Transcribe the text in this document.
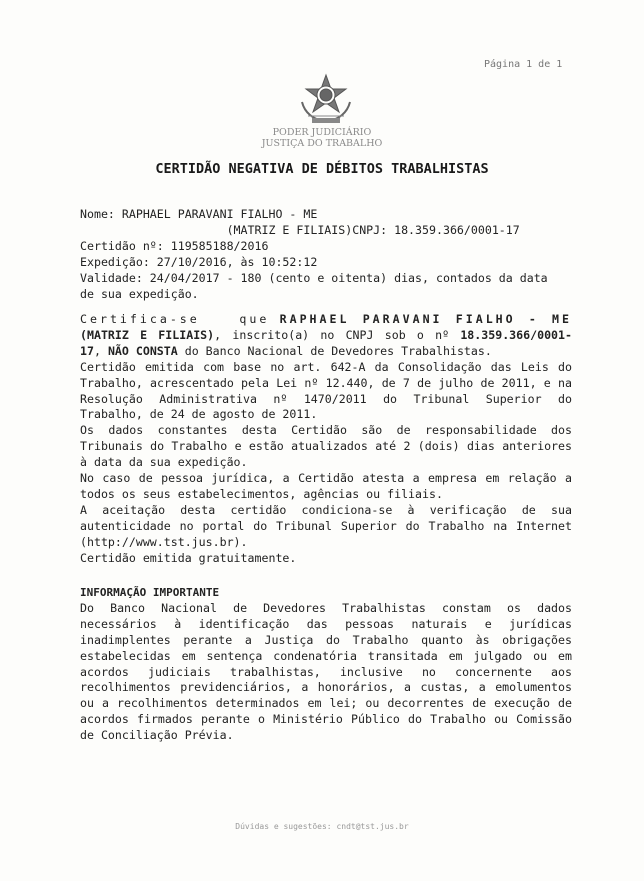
Página 1 de 1
PODER JUDICIÁRIO
JUSTIÇA DO TRABALHO
CERTIDÃO NEGATIVA DE DÉBITOS TRABALHISTAS
Nome: RAPHAEL PARAVANI FIALHO - ME
(MATRIZ E FILIAIS)CNPJ: 18.359.366/0001-17
Certidão nº: 119585188/2016
Expedição: 27/10/2016, às 10:52:12
Validade: 24/04/2017 - 180 (cento e oitenta) dias, contados da data
de sua expedição.

Certifica-se   que RAPHAEL PARAVANI FIALHO - ME (MATRIZ E FILIAIS), inscrito(a) no CNPJ sob o nº 18.359.366/0001-17, NÃO CONSTA do Banco Nacional de Devedores Trabalhistas.

Certidão emitida com base no art. 642-A da Consolidação das Leis do Trabalho, acrescentado pela Lei nº 12.440, de 7 de julho de 2011, e na Resolução Administrativa nº 1470/2011 do Tribunal Superior do Trabalho, de 24 de agosto de 2011.

Os dados constantes desta Certidão são de responsabilidade dos Tribunais do Trabalho e estão atualizados até 2 (dois) dias anteriores à data da sua expedição.

No caso de pessoa jurídica, a Certidão atesta a empresa em relação a todos os seus estabelecimentos, agências ou filiais.

A aceitação desta certidão condiciona-se à verificação de sua autenticidade no portal do Tribunal Superior do Trabalho na Internet (http://www.tst.jus.br).

Certidão emitida gratuitamente.

INFORMAÇÃO IMPORTANTE

Do Banco Nacional de Devedores Trabalhistas constam os dados necessários à identificação das pessoas naturais e jurídicas inadimplentes perante a Justiça do Trabalho quanto às obrigações estabelecidas em sentença condenatória transitada em julgado ou em acordos judiciais trabalhistas, inclusive no concernente aos recolhimentos previdenciários, a honorários, a custas, a emolumentos ou a recolhimentos determinados em lei; ou decorrentes de execução de acordos firmados perante o Ministério Público do Trabalho ou Comissão de Conciliação Prévia.

Dúvidas e sugestões: cndt@tst.jus.br
